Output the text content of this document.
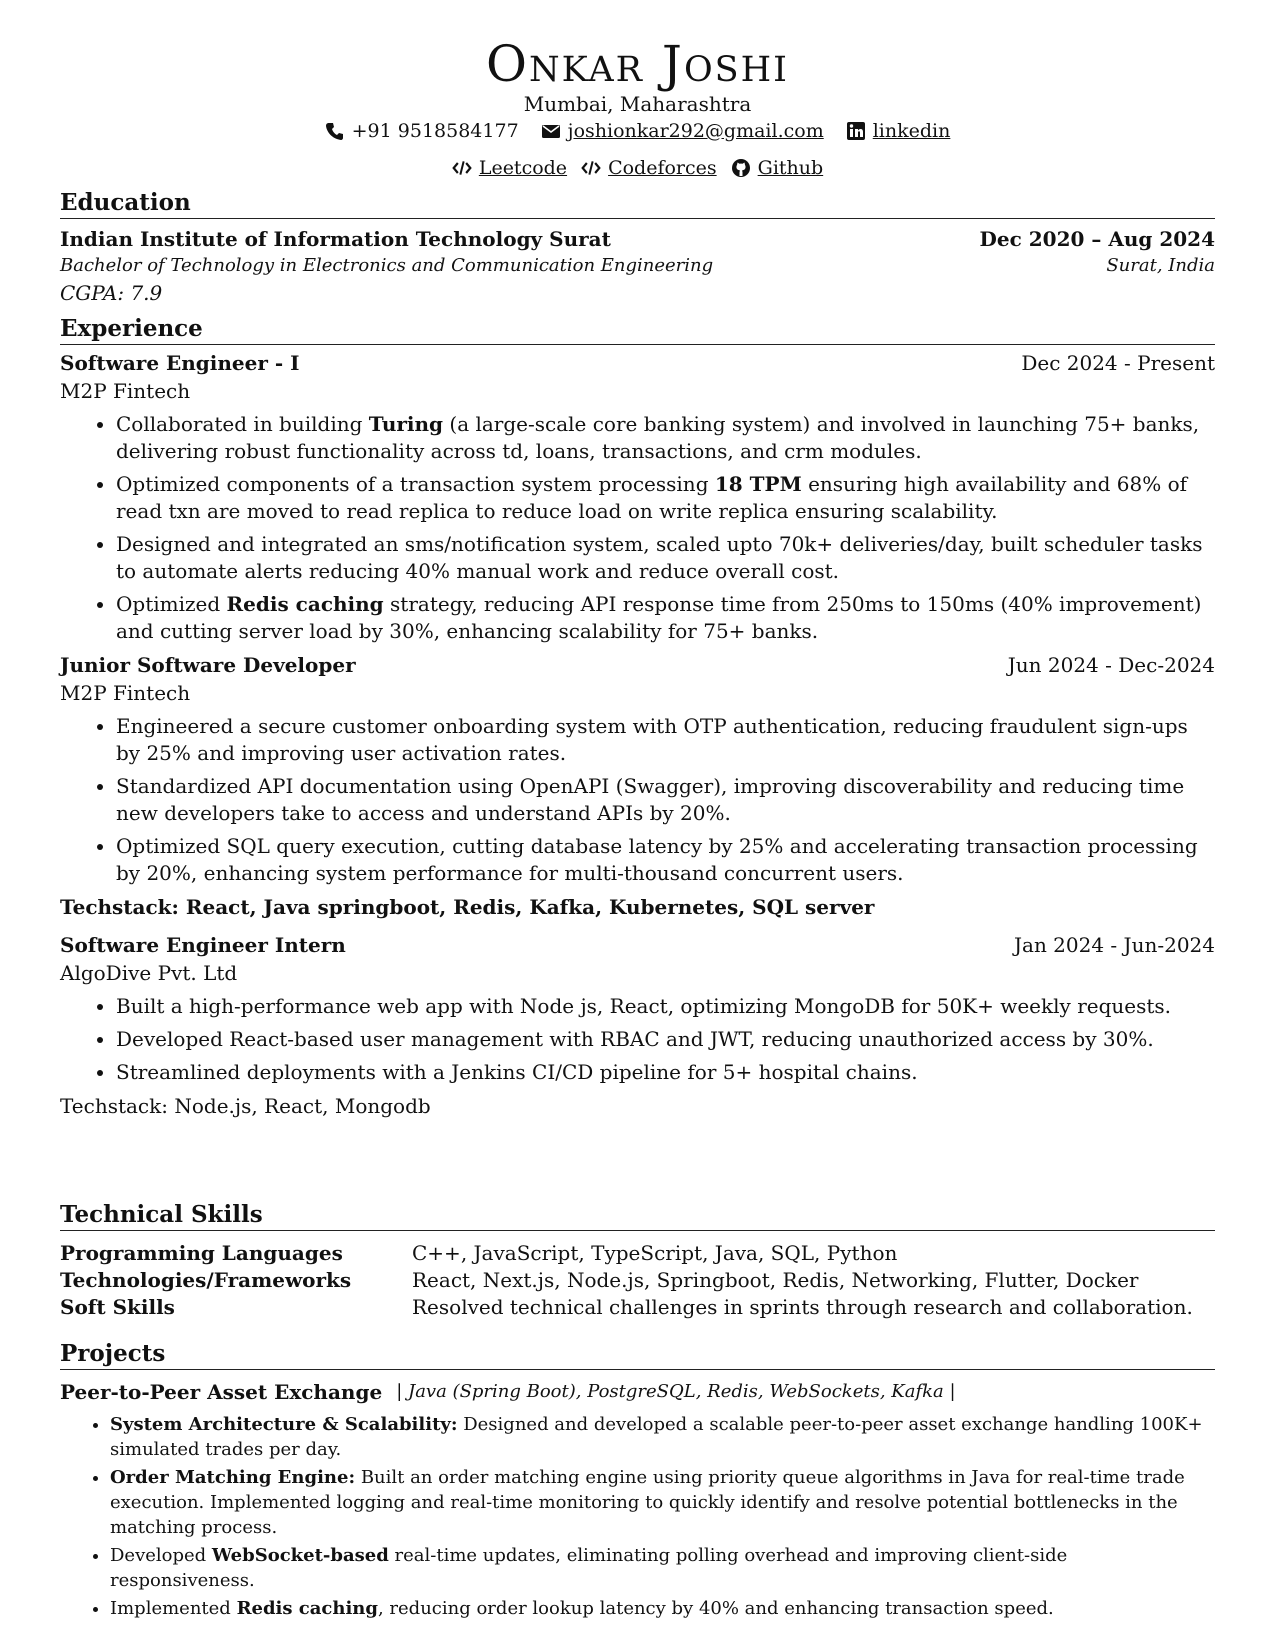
Onkar Joshi
Mumbai, Maharashtra
+91 9518584177	joshionkar292@gmail.com	linkedin
Leetcode Codeforces Github
Education
Indian Institute of Information Technology Surat	Dec 2020 – Aug 2024
Bachelor of Technology in Electronics and Communication Engineering	Surat, India
CGPA: 7.9
Experience
Software Engineer - I	Dec 2024 - Present
M2P Fintech
• Collaborated in building Turing (a large-scale core banking system) and involved in launching 75+ banks, delivering robust functionality across td, loans, transactions, and crm modules.
• Optimized components of a transaction system processing 18 TPM ensuring high availability and 68% of read txn are moved to read replica to reduce load on write replica ensuring scalability.
• Designed and integrated an sms/notification system, scaled upto 70k+ deliveries/day, built scheduler tasks to automate alerts reducing 40% manual work and reduce overall cost.
• Optimized Redis caching strategy, reducing API response time from 250ms to 150ms (40% improvement) and cutting server load by 30%, enhancing scalability for 75+ banks.
Junior Software Developer	Jun 2024 - Dec-2024
M2P Fintech
• Engineered a secure customer onboarding system with OTP authentication, reducing fraudulent sign-ups by 25% and improving user activation rates.
• Standardized API documentation using OpenAPI (Swagger), improving discoverability and reducing time new developers take to access and understand APIs by 20%.
• Optimized SQL query execution, cutting database latency by 25% and accelerating transaction processing by 20%, enhancing system performance for multi-thousand concurrent users.
Techstack: React, Java springboot, Redis, Kafka, Kubernetes, SQL server
Software Engineer Intern	Jan 2024 - Jun-2024
AlgoDive Pvt. Ltd
• Built a high-performance web app with Node js, React, optimizing MongoDB for 50K+ weekly requests.
• Developed React-based user management with RBAC and JWT, reducing unauthorized access by 30%.
• Streamlined deployments with a Jenkins CI/CD pipeline for 5+ hospital chains.
Techstack: Node.js, React, Mongodb
Technical Skills
Programming Languages	C++, JavaScript, TypeScript, Java, SQL, Python
Technologies/Frameworks	React, Next.js, Node.js, Springboot, Redis, Networking, Flutter, Docker
Soft Skills	Resolved technical challenges in sprints through research and collaboration.
Projects
Peer-to-Peer Asset Exchange | Java (Spring Boot), PostgreSQL, Redis, WebSockets, Kafka |
• System Architecture & Scalability: Designed and developed a scalable peer-to-peer asset exchange handling 100K+ simulated trades per day.
• Order Matching Engine: Built an order matching engine using priority queue algorithms in Java for real-time trade execution. Implemented logging and real-time monitoring to quickly identify and resolve potential bottlenecks in the matching process.
• Developed WebSocket-based real-time updates, eliminating polling overhead and improving client-side responsiveness.
• Implemented Redis caching, reducing order lookup latency by 40% and enhancing transaction speed.
